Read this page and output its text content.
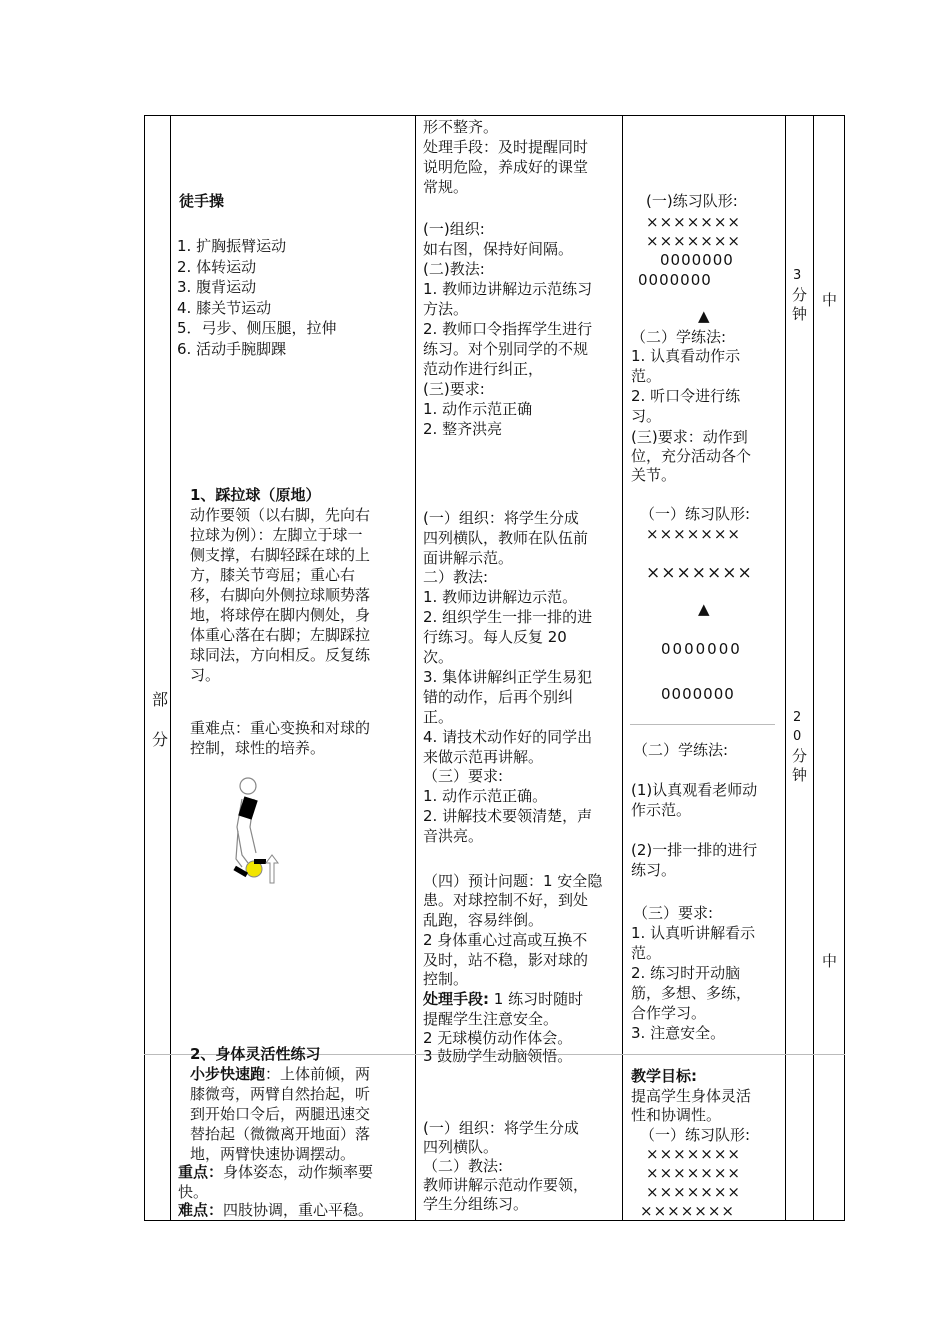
部
分
徒手操
1. 扩胸振臂运动
2. 体转运动
3. 腹背运动
4. 膝关节运动
5．弓步、侧压腿，拉伸
6. 活动手腕脚踝
1、踩拉球（原地）
动作要领（以右脚，先向右
拉球为例）：左脚立于球一
侧支撑，右脚轻踩在球的上
方，膝关节弯屈；重心右
移，右脚向外侧拉球顺势落
地，将球停在脚内侧处，身
体重心落在右脚；左脚踩拉
球同法，方向相反。反复练
习。
重难点：重心变换和对球的
控制，球性的培养。
2、身体灵活性练习
小步快速跑：上体前倾，两
膝微弯，两臂自然抬起，听
到开始口令后，两腿迅速交
替抬起（微微离开地面）落
地，两臂快速协调摆动。
重点：身体姿态，动作频率要
快。
难点：四肢协调，重心平稳。
形不整齐。
处理手段：及时提醒同时
说明危险，养成好的课堂
常规。
(一)组织:
如右图，保持好间隔。
(二)教法:
1. 教师边讲解边示范练习
方法。
2. 教师口令指挥学生进行
练习。对个别同学的不规
范动作进行纠正，
(三)要求:
1. 动作示范正确
2. 整齐洪亮
(一）组织：将学生分成
四列横队，教师在队伍前
面讲解示范。
二）教法:
1. 教师边讲解边示范。
2. 组织学生一排一排的进
行练习。每人反复 20
次。
3. 集体讲解纠正学生易犯
错的动作，后再个别纠
正。
4. 请技术动作好的同学出
来做示范再讲解。
（三）要求:
1. 动作示范正确。
2. 讲解技术要领清楚，声
音洪亮。
（四）预计问题：1 安全隐
患。对球控制不好，到处
乱跑，容易绊倒。
2 身体重心过高或互换不
及时，站不稳，影对球的
控制。
处理手段: 1 练习时随时
提醒学生注意安全。
2 无球模仿动作体会。
3 鼓励学生动脑领悟。
(一）组织：将学生分成
四列横队。
（二）教法:
教师讲解示范动作要领，
学生分组练习。
(一)练习队形:
×××××××
×××××××
0000000
0000000
▲
（二）学练法:
1. 认真看动作示
范。
2. 听口令进行练
习。
(三)要求：动作到
位，充分活动各个
关节。
（一）练习队形:
×××××××
×××××××
▲
0000000
0000000
（二）学练法:
(1)认真观看老师动
作示范。
(2)一排一排的进行
练习。
（三）要求:
1. 认真听讲解看示
范。
2. 练习时开动脑
筋，多想、多练，
合作学习。
3. 注意安全。
教学目标:
提高学生身体灵活
性和协调性。
（一）练习队形:
×××××××
×××××××
×××××××
×××××××
3
分
钟
2
0
分
钟
中
中
